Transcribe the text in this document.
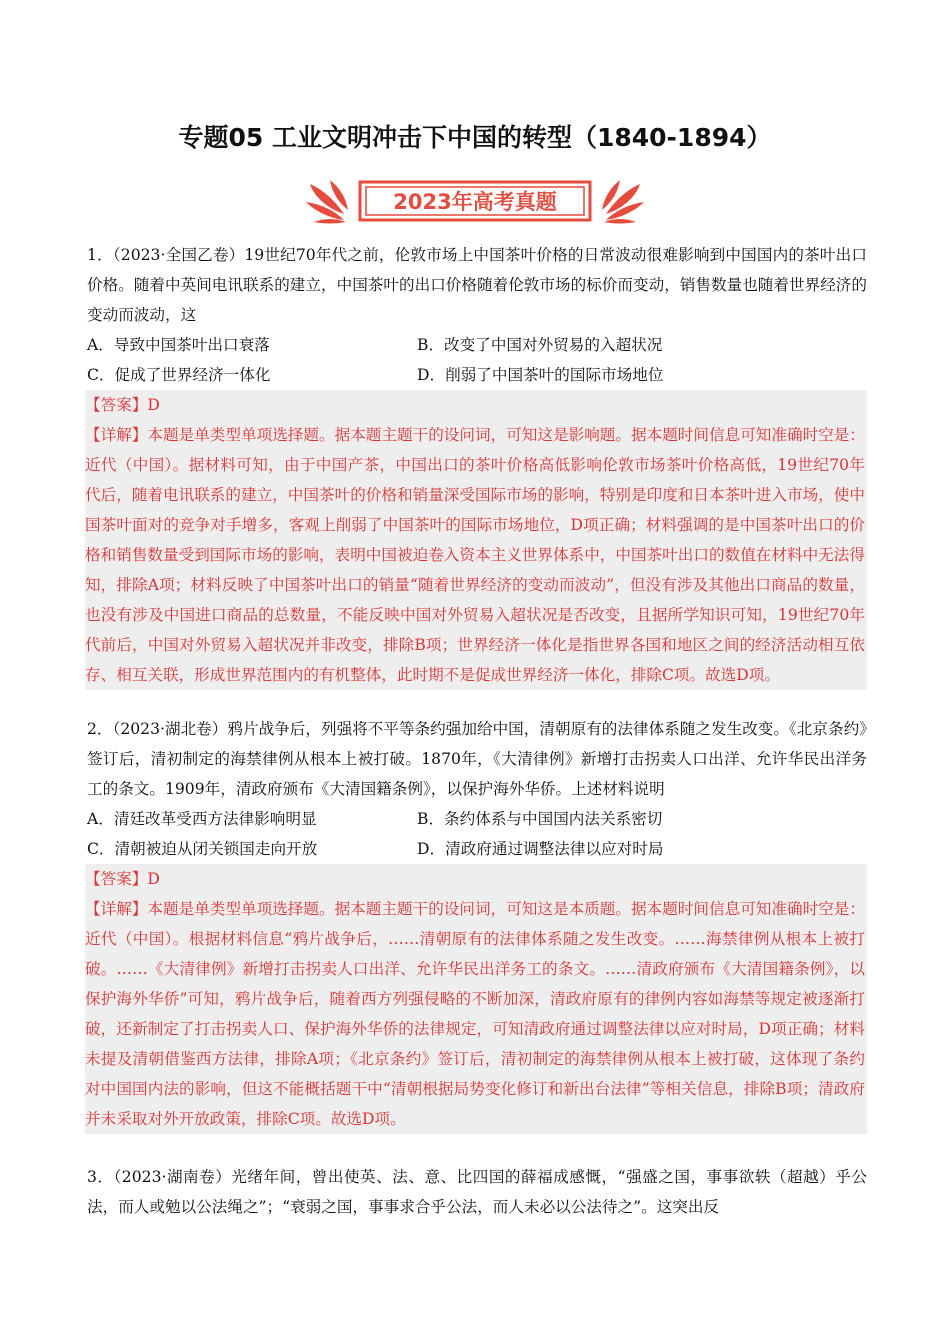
专题05 工业文明冲击下中国的转型（1840-1894）
2023年高考真题

1．（2023·全国乙卷）19世纪70年代之前，伦敦市场上中国茶叶价格的日常波动很难影响到中国国内的茶叶出口价格。随着中英间电讯联系的建立，中国茶叶的出口价格随着伦敦市场的标价而变动，销售数量也随着世界经济的变动而波动，这

A．导致中国茶叶出口衰落	B．改变了中国对外贸易的入超状况
C．促成了世界经济一体化	D．削弱了中国茶叶的国际市场地位

【答案】D

【详解】本题是单类型单项选择题。据本题主题干的设问词，可知这是影响题。据本题时间信息可知准确时空是：近代（中国）。据材料可知，由于中国产茶，中国出口的茶叶价格高低影响伦敦市场茶叶价格高低，19世纪70年代后，随着电讯联系的建立，中国茶叶的价格和销量深受国际市场的影响，特别是印度和日本茶叶进入市场，使中国茶叶面对的竞争对手增多，客观上削弱了中国茶叶的国际市场地位，D项正确；材料强调的是中国茶叶出口的价格和销售数量受到国际市场的影响，表明中国被迫卷入资本主义世界体系中，中国茶叶出口的数值在材料中无法得知，排除A项；材料反映了中国茶叶出口的销量“随着世界经济的变动而波动”，但没有涉及其他出口商品的数量，也没有涉及中国进口商品的总数量，不能反映中国对外贸易入超状况是否改变，且据所学知识可知，19世纪70年代前后，中国对外贸易入超状况并非改变，排除B项；世界经济一体化是指世界各国和地区之间的经济活动相互依存、相互关联，形成世界范围内的有机整体，此时期不是促成世界经济一体化，排除C项。故选D项。

2．（2023·湖北卷）鸦片战争后，列强将不平等条约强加给中国，清朝原有的法律体系随之发生改变。《北京条约》签订后，清初制定的海禁律例从根本上被打破。1870年，《大清律例》新增打击拐卖人口出洋、允许华民出洋务工的条文。1909年，清政府颁布《大清国籍条例》，以保护海外华侨。上述材料说明

A．清廷改革受西方法律影响明显	B．条约体系与中国国内法关系密切
C．清朝被迫从闭关锁国走向开放	D．清政府通过调整法律以应对时局

【答案】D

【详解】本题是单类型单项选择题。据本题主题干的设问词，可知这是本质题。据本题时间信息可知准确时空是：近代（中国）。根据材料信息“鸦片战争后，……清朝原有的法律体系随之发生改变。……海禁律例从根本上被打破。……《大清律例》新增打击拐卖人口出洋、允许华民出洋务工的条文。……清政府颁布《大清国籍条例》，以保护海外华侨”可知，鸦片战争后，随着西方列强侵略的不断加深，清政府原有的律例内容如海禁等规定被逐渐打破，还新制定了打击拐卖人口、保护海外华侨的法律规定，可知清政府通过调整法律以应对时局，D项正确；材料未提及清朝借鉴西方法律，排除A项；《北京条约》签订后，清初制定的海禁律例从根本上被打破，这体现了条约对中国国内法的影响，但这不能概括题干中“清朝根据局势变化修订和新出台法律”等相关信息，排除B项；清政府并未采取对外开放政策，排除C项。故选D项。

3．（2023·湖南卷）光绪年间，曾出使英、法、意、比四国的薛福成感慨，“强盛之国，事事欲轶（超越）乎公法，而人或勉以公法绳之”；“衰弱之国，事事求合乎公法，而人未必以公法待之”。这突出反
